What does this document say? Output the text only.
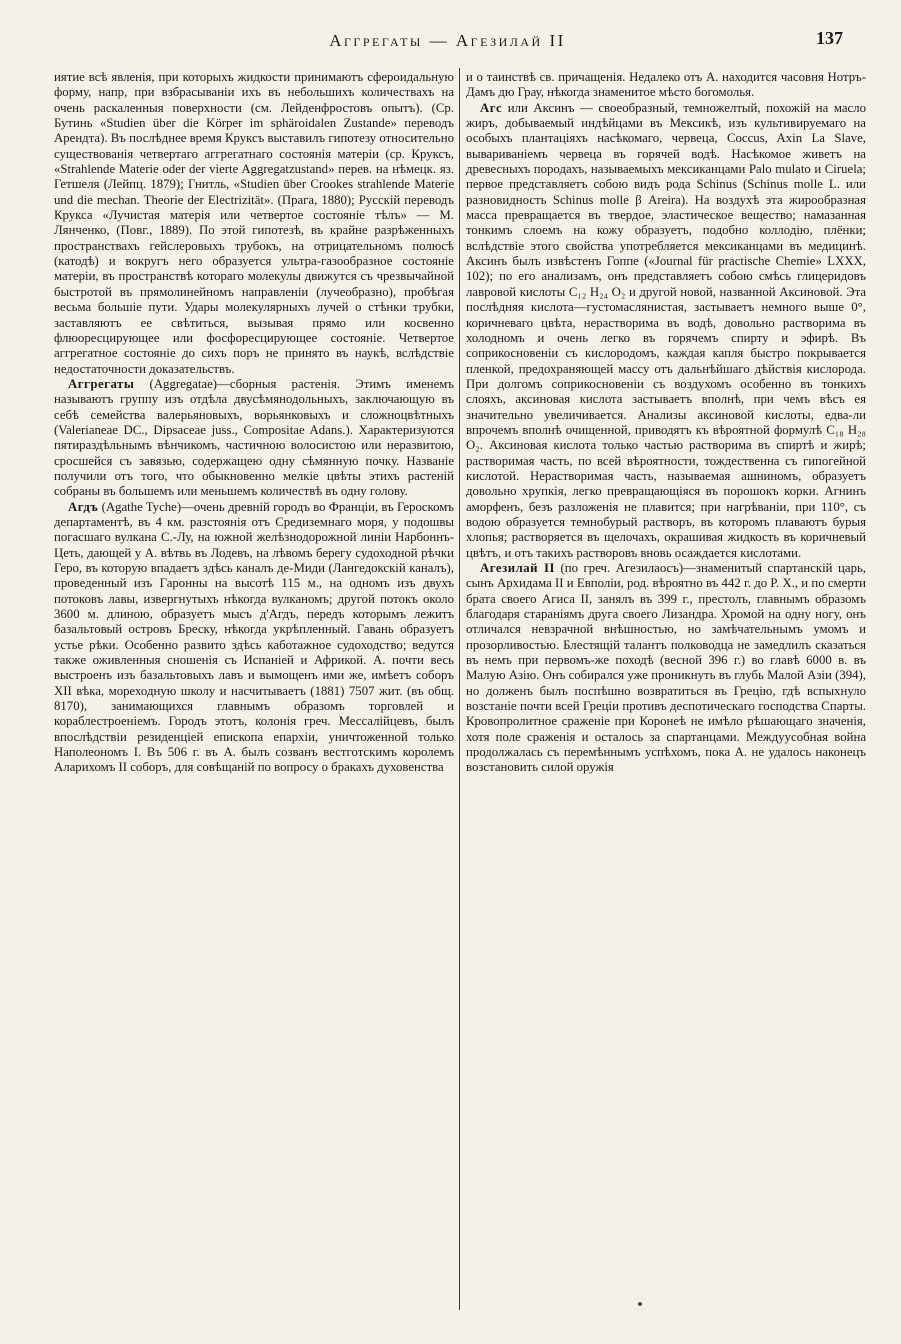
Аггрегаты — Агезилай II	137

иятие всѣ явленія, при которыхъ жидкости принимаютъ сфероидальную форму, напр, при взбрасываніи ихъ въ небольшихъ количествахъ на очень раскаленныя поверхности (см. Лейденфростовъ опытъ). (Ср. Бутинь «Studien über die Körper im sphäroidalen Zustande» переводъ Арендта). Въ послѣднее время Круксъ выставилъ гипотезу относительно существованія четвертаго аггрегатнаго состоянія матеріи (ср. Круксъ, «Strahlende Materie oder der vierte Aggregatzustand» перев. на нѣмецк. яз. Гетшеля (Лейпц. 1879); Гнитль, «Studien über Crookes strahlende Materie und die mechan. Theorie der Electrizität». (Прага, 1880); Русскій переводъ Крукса «Лучистая матерія или четвертое состояніе тѣлъ» — М. Лянченко, (Повг., 1889). По этой гипотезѣ, въ крайне разрѣженныхъ пространствахъ гейслеровыхъ трубокъ, на отрицательномъ полюсѣ (катодѣ) и вокругъ него образуется ультра-газообразное состояніе матеріи, въ пространствѣ котораго молекулы движутся съ чрезвычайной быстротой въ прямолинейномъ направленіи (лучеобразно), пробѣгая весьма большіе пути. Удары молекулярныхъ лучей о стѣнки трубки, заставляютъ ее свѣтиться, вызывая прямо или косвенно флюоресцирующее или фосфоресцирующее состояніе. Четвертое аггрегатное состояніе до сихъ поръ не принято въ наукѣ, вслѣдствіе недостаточности доказательствъ.

Аггрегаты (Aggregatae)—сборныя растенія. Этимъ именемъ называютъ группу изъ отдѣла двусѣмянодольныхъ, заключающую въ себѣ семейства валерьяновыхъ, ворьянковыхъ и сложноцвѣтныхъ (Valerianeae DC., Dipsaceae juss., Compositae Adans.). Характеризуются пятираздѣльнымъ вѣнчикомъ, частичною волосистою или неразвитою, сросшейся съ завязью, содержащею одну сѣмянную почку. Названіе получили отъ того, что обыкновенно мелкіе цвѣты этихъ растеній собраны въ большемъ или меньшемъ количествѣ въ одну голову.

Агдъ (Agathe Tyche)—очень древній городъ во Франціи, въ Герoскомъ департаментѣ, въ 4 км. разстоянія отъ Средиземнаго моря, у подошвы погасшаго вулкана С.-Лу, на южной желѣзнодорожной линіи Нарбоннъ-Цеть, дающей у А. вѣтвь въ Лодевъ, на лѣвомъ берегу судоходной рѣчки Геро, въ которую впадаетъ здѣсь каналъ де-Миди (Лангедокскій каналъ), проведенный изъ Гаронны на высотѣ 115 м., на одномъ изъ двухъ потоковъ лавы, извергнутыхъ нѣкогда вулканомъ; другой потокъ около 3600 м. длиною, образуетъ мысъ д'Агдъ, передъ которымъ лежитъ базальтовый островъ Бреску, нѣкогда укрѣпленный. Гавань образуетъ устье рѣки. Особенно развито здѣсь каботажное судоходство; ведутся также оживленныя сношенія съ Испаніей и Африкой. А. почти весь выстроенъ изъ базальтовыхъ лавъ и вымощенъ ими же, имѣетъ соборъ XII вѣка, мореходную школу и насчитываетъ (1881) 7507 жит. (въ общ. 8170), занимающихся главнымъ образомъ торговлей и кораблестроеніемъ. Городъ этотъ, колонія греч. Мессалійцевъ, былъ впослѣдствіи резиденціей епископа епархіи, уничтоженной только Наполеономъ I. Въ 506 г. въ А. былъ созванъ вестготскимъ королемъ Аларихомъ II соборъ, для совѣщаній по вопросу о бракахъ духовенства

и о таинствѣ св. причащенія. Недалеко отъ А. находится часовня Нотръ-Дамъ дю Грау, нѣкогда знаменитое мѣсто богомолья.

Агс или Аксинъ — своеобразный, темножелтый, похожій на масло жиръ, добываемый индѣйцами въ Мексикѣ, изъ культивируемаго на особыхъ плантаціяхъ насѣкомаго, червеца, Coccus, Axin La Slave, вывариваніемъ червеца въ горячей водѣ. Насѣкомое живетъ на древесныхъ породахъ, называемыхъ мексиканцами Palo mulato и Ciruela; первое представляетъ собою видъ рода Schinus (Schinus molle L. или разновидность Schinus molle β Areira). На воздухѣ эта жирообразная масса превращается въ твердое, эластическое вещество; намазанная тонкимъ слоемъ на кожу образуетъ, подобно коллодію, плёнки; вслѣдствіе этого свойства употребляется мексиканцами въ медицинѣ. Аксинъ былъ извѣстенъ Гоппе («Journal für practische Chemie» LXXX, 102); по его анализамъ, онъ представляетъ собою смѣсь глицеридовъ лавровой кислоты C₁₂ H₂₄ O₂ и другой новой, названной Аксиновой. Эта послѣдняя кислота—густомаслянистая, застываетъ немного выше 0°, коричневаго цвѣта, нерастворима въ водѣ, довольно растворима въ холодномъ и очень легко въ горячемъ спирту и эфирѣ. Въ соприкосновеніи съ кислородомъ, каждая капля быстро покрывается пленкой, предохраняющей массу отъ дальнѣйшаго дѣйствія кислорода. При долгомъ соприкосновеніи съ воздухомъ особенно въ тонкихъ слояхъ, аксиновая кислота застываетъ вполнѣ, при чемъ вѣсъ ея значительно увеличивается. Анализы аксиновой кислоты, едва-ли впрочемъ вполнѣ очищенной, приводятъ къ вѣроятной формулѣ C₁₈ H₂₈ O₂. Аксиновая кислота только частью растворима въ спиртѣ и жирѣ; растворимая часть, по всей вѣроятности, тождественна съ гипогейной кислотой. Нерастворимая часть, называемая ашниномъ, образуетъ довольно хрупкія, легко превращающіяся въ порошокъ корки. Агнинъ аморфенъ, безъ разложенія не плавится; при нагрѣваніи, при 110°, съ водою образуется темнобурый растворъ, въ которомъ плаваютъ бурыя хлопья; растворяется въ щелочахъ, окрашивая жидкость въ коричневый цвѣтъ, и отъ такихъ растворовъ вновь осаждается кислотами.

Агезилай II (по греч. Агезилаосъ)—знаменитый спартанскій царь, сынъ Архидама II и Евполіи, род. вѣроятно въ 442 г. до Р. Х., и по смерти брата своего Агиса II, занялъ въ 399 г., престолъ, главнымъ образомъ благодаря стараніямъ друга своего Лизандра. Хромой на одну ногу, онъ отличался невзрачной внѣшностью, но замѣчательнымъ умомъ и прозорливостью. Блестящій талантъ полководца не замедлилъ сказаться въ немъ при первомъ-же походѣ (весной 396 г.) во главѣ 6000 в. въ Малую Азію. Онъ собирался уже проникнуть въ глубь Малой Азіи (394), но долженъ былъ поспѣшно возвратиться въ Грецію, гдѣ вспыхнуло возстаніе почти всей Греціи противъ деспотическаго господства Спарты. Кровопролитное сраженіе при Коронеѣ не имѣло рѣшающаго значенія, хотя поле сраженія и осталось за спартанцами. Междуусобная война продолжалась съ перемѣннымъ успѣхомъ, пока А. не удалось наконецъ возстановить силой оружія
